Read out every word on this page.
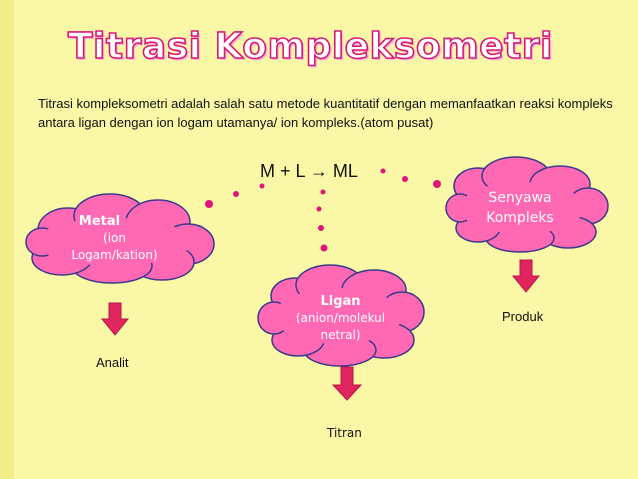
Titrasi Kompleksometri

Titrasi kompleksometri adalah salah satu metode kuantitatif dengan memanfaatkan reaksi kompleks antara ligan dengan ion logam utamanya/ ion kompleks.(atom pusat)

M + L → ML
Metal
(ion Logam/kation)
Ligan
(anion/molekul netral)
Senyawa Kompleks
Analit
Titran
Produk
